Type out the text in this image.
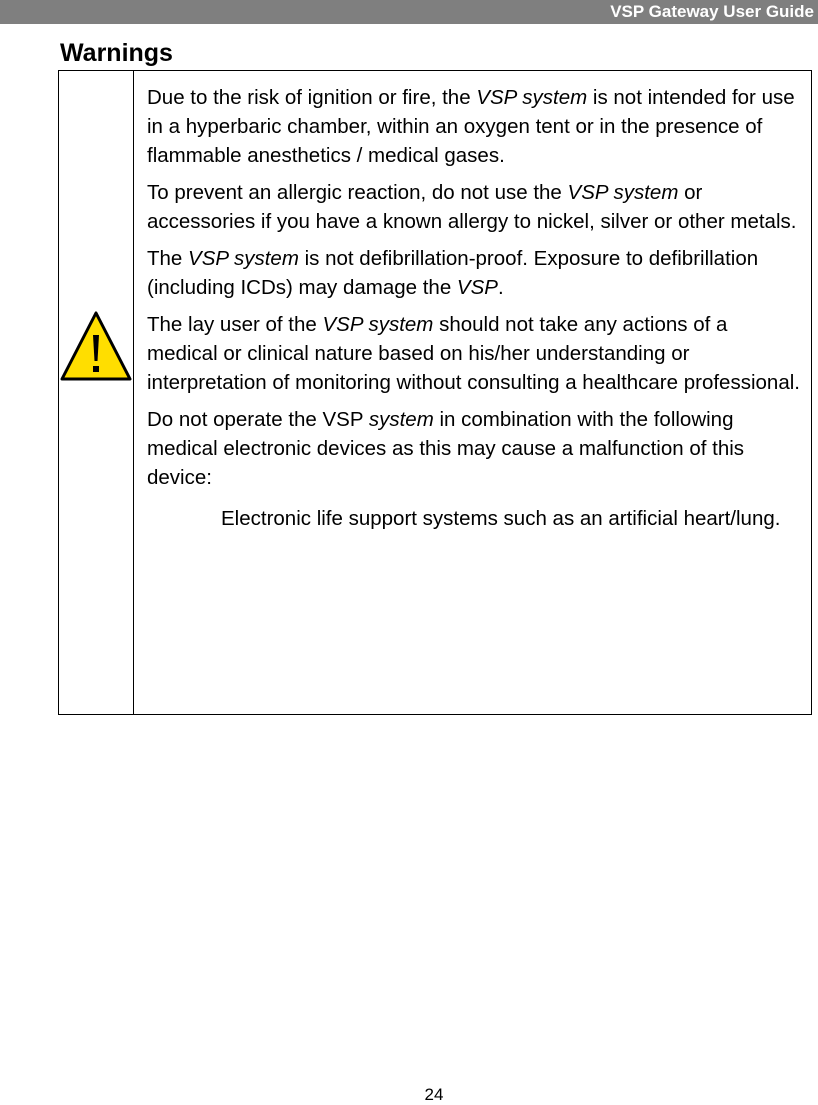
VSP Gateway User Guide
Warnings

Due to the risk of ignition or fire, the VSP system is not intended for use in a hyperbaric chamber, within an oxygen tent or in the presence of flammable anesthetics / medical gases.

To prevent an allergic reaction, do not use the VSP system or accessories if you have a known allergy to nickel, silver or other metals.

The VSP system is not defibrillation-proof. Exposure to defibrillation (including ICDs) may damage the VSP.

The lay user of the VSP system should not take any actions of a medical or clinical nature based on his/her understanding or interpretation of monitoring without consulting a healthcare professional.

Do not operate the VSP system in combination with the following medical electronic devices as this may cause a malfunction of this device:

Electronic life support systems such as an artificial heart/lung.

24
